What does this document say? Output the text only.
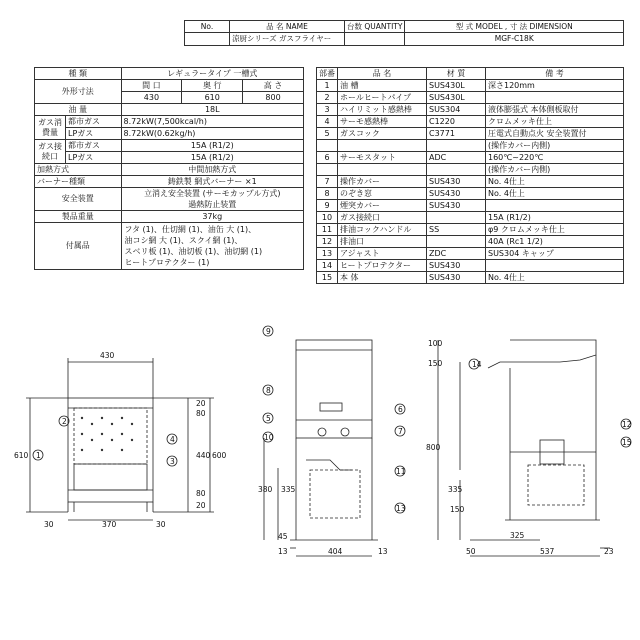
No.	品 名 NAME	台数 QUANTITY	型 式 MODEL , 寸 法 DIMENSION
	涼厨シリーズ ガスフライヤー		MGF-C18K
種 類		レギュラータイプ 一槽式		
外形寸法		間 口	奥 行	高 さ
		430	610	800
油 量		18L		
ガス消費量	都市ガス	8.72kW(7,500kcal/h)		
	LPガス	8.72kW(0.62kg/h)		
ガス接続口	都市ガス	15A (R1/2)		
	LPガス	15A (R1/2)		
加熱方式		中間加熱方式		
バーナー種類		鋳鉄製 網式バーナー ×1		
安全装置		立消え安全装置 (サーモカップル方式)		
		過熱防止装置		
製品重量		37kg		
付属品		フタ (1)、仕切網 (1)、油缶 大 (1)、
油コシ網 大 (1)、スクイ網 (1)、
スベリ板 (1)、油切板 (1)、油切網 (1)
ヒートプロテクター (1)		
部番	品 名	材 質	備 考
1	油 槽	SUS430L	深さ120mm
2	ホールヒートパイプ	SUS430L	
3	ハイリミット感熱棒	SUS304	液体膨張式 本体側板取付
4	サーモ感熱棒	C1220	クロムメッキ仕上
5	ガスコック	C3771	圧電式自動点火 安全装置付
			(操作カバー内側)
6	サーモスタット	ADC	160℃~220℃
			(操作カバー内側)
7	操作カバー	SUS430	No. 4仕上
8	のぞき窓	SUS430	No. 4仕上
9	煙突カバー	SUS430	
10	ガス接続口		15A (R1/2)
11	排油コックハンドル	SS	φ9 クロムメッキ仕上
12	排油口		40A (Rc1 1/2)
13	アジャスト	ZDC	SUS304 キャップ
14	ヒートプロテクター	SUS430	
15	本 体	SUS430	No. 4仕上
430
370
30	30
610	440 600
20
80
80
20
1
2
3
4
9
8
5
6
10
7
11
13
380 335
45
13	404	13
14
12
15
100
150
800
335
150
325
50	537	23
